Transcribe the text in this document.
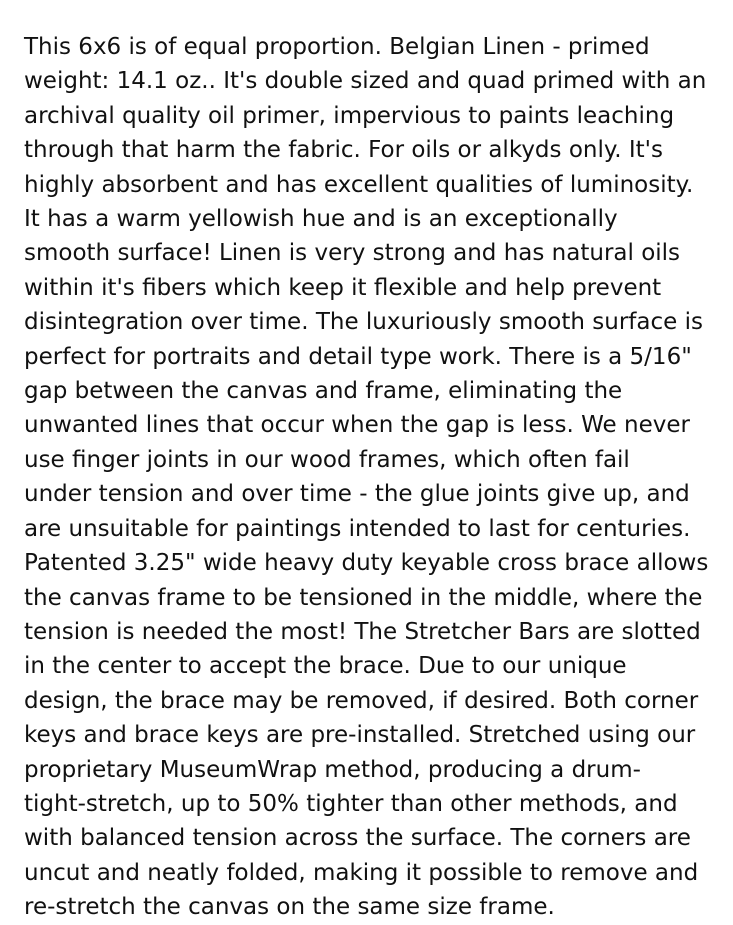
This 6x6 is of equal proportion. Belgian Linen - primed
weight: 14.1 oz.. It's double sized and quad primed with an
archival quality oil primer, impervious to paints leaching
through that harm the fabric. For oils or alkyds only. It's
highly absorbent and has excellent qualities of luminosity.
It has a warm yellowish hue and is an exceptionally
smooth surface! Linen is very strong and has natural oils
within it's fibers which keep it flexible and help prevent
disintegration over time. The luxuriously smooth surface is
perfect for portraits and detail type work. There is a 5/16"
gap between the canvas and frame, eliminating the
unwanted lines that occur when the gap is less. We never
use finger joints in our wood frames, which often fail
under tension and over time - the glue joints give up, and
are unsuitable for paintings intended to last for centuries.
Patented 3.25" wide heavy duty keyable cross brace allows
the canvas frame to be tensioned in the middle, where the
tension is needed the most! The Stretcher Bars are slotted
in the center to accept the brace. Due to our unique
design, the brace may be removed, if desired. Both corner
keys and brace keys are pre-installed. Stretched using our
proprietary MuseumWrap method, producing a drum-
tight-stretch, up to 50% tighter than other methods, and
with balanced tension across the surface. The corners are
uncut and neatly folded, making it possible to remove and
re-stretch the canvas on the same size frame.
